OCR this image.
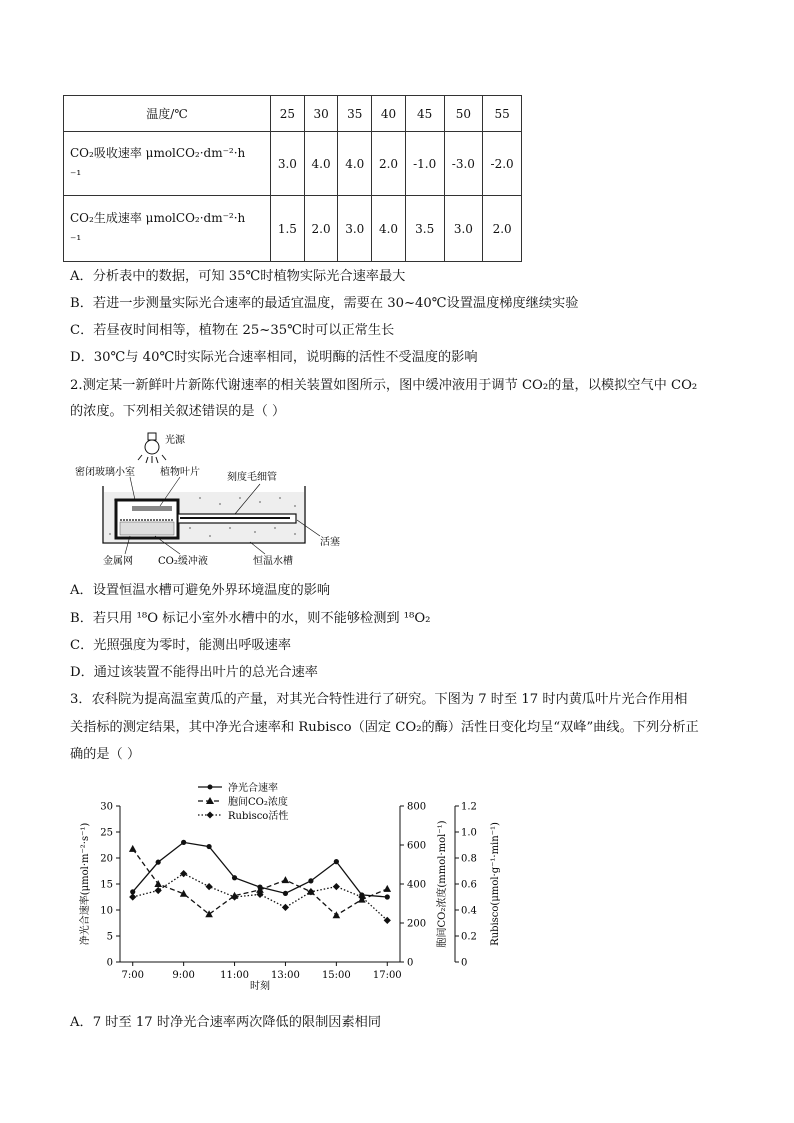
温度/℃	25	30	35	40	45	50	55

CO₂吸收速率 μmolCO₂·dm⁻²·h
⁻¹	3.0	4.0	4.0	2.0	-1.0	-3.0	-2.0

CO₂生成速率 μmolCO₂·dm⁻²·h
⁻¹	1.5	2.0	3.0	4.0	3.5	3.0	2.0
A．分析表中的数据，可知 35℃时植物实际光合速率最大
B．若进一步测量实际光合速率的最适宜温度，需要在 30~40℃设置温度梯度继续实验
C．若昼夜时间相等，植物在 25~35℃时可以正常生长
D．30℃与 40℃时实际光合速率相同，说明酶的活性不受温度的影响
2.测定某一新鲜叶片新陈代谢速率的相关装置如图所示，图中缓冲液用于调节 CO₂的量，以模拟空气中 CO₂
的浓度。下列相关叙述错误的是（ ）
光源
密闭玻璃小室	植物叶片	刻度毛细管
活塞
金属网	CO₂缓冲液	恒温水槽
A．设置恒温水槽可避免外界环境温度的影响
B．若只用 ¹⁸O 标记小室外水槽中的水，则不能够检测到 ¹⁸O₂
C．光照强度为零时，能测出呼吸速率
D．通过该装置不能得出叶片的总光合速率
3．农科院为提高温室黄瓜的产量，对其光合特性进行了研究。下图为 7 时至 17 时内黄瓜叶片光合作用相
关指标的测定结果，其中净光合速率和 Rubisco（固定 CO₂的酶）活性日变化均呈“双峰”曲线。下列分析正
确的是（ ）
净光合速率
胞间CO₂浓度
Rubisco活性
净光合速率(μmol·m⁻²·s⁻¹)	胞间CO₂浓度(mmol·mol⁻¹)	Rubisco(μmol·g⁻¹·min⁻¹)
时刻
7:00	9:00	11:00 13:00 15:00 17:00
0
5
10
15
20
25
30
0
200
400
600
800
0
0.2
0.4
0.6
0.8
1.0
1.2
A．7 时至 17 时净光合速率两次降低的限制因素相同
